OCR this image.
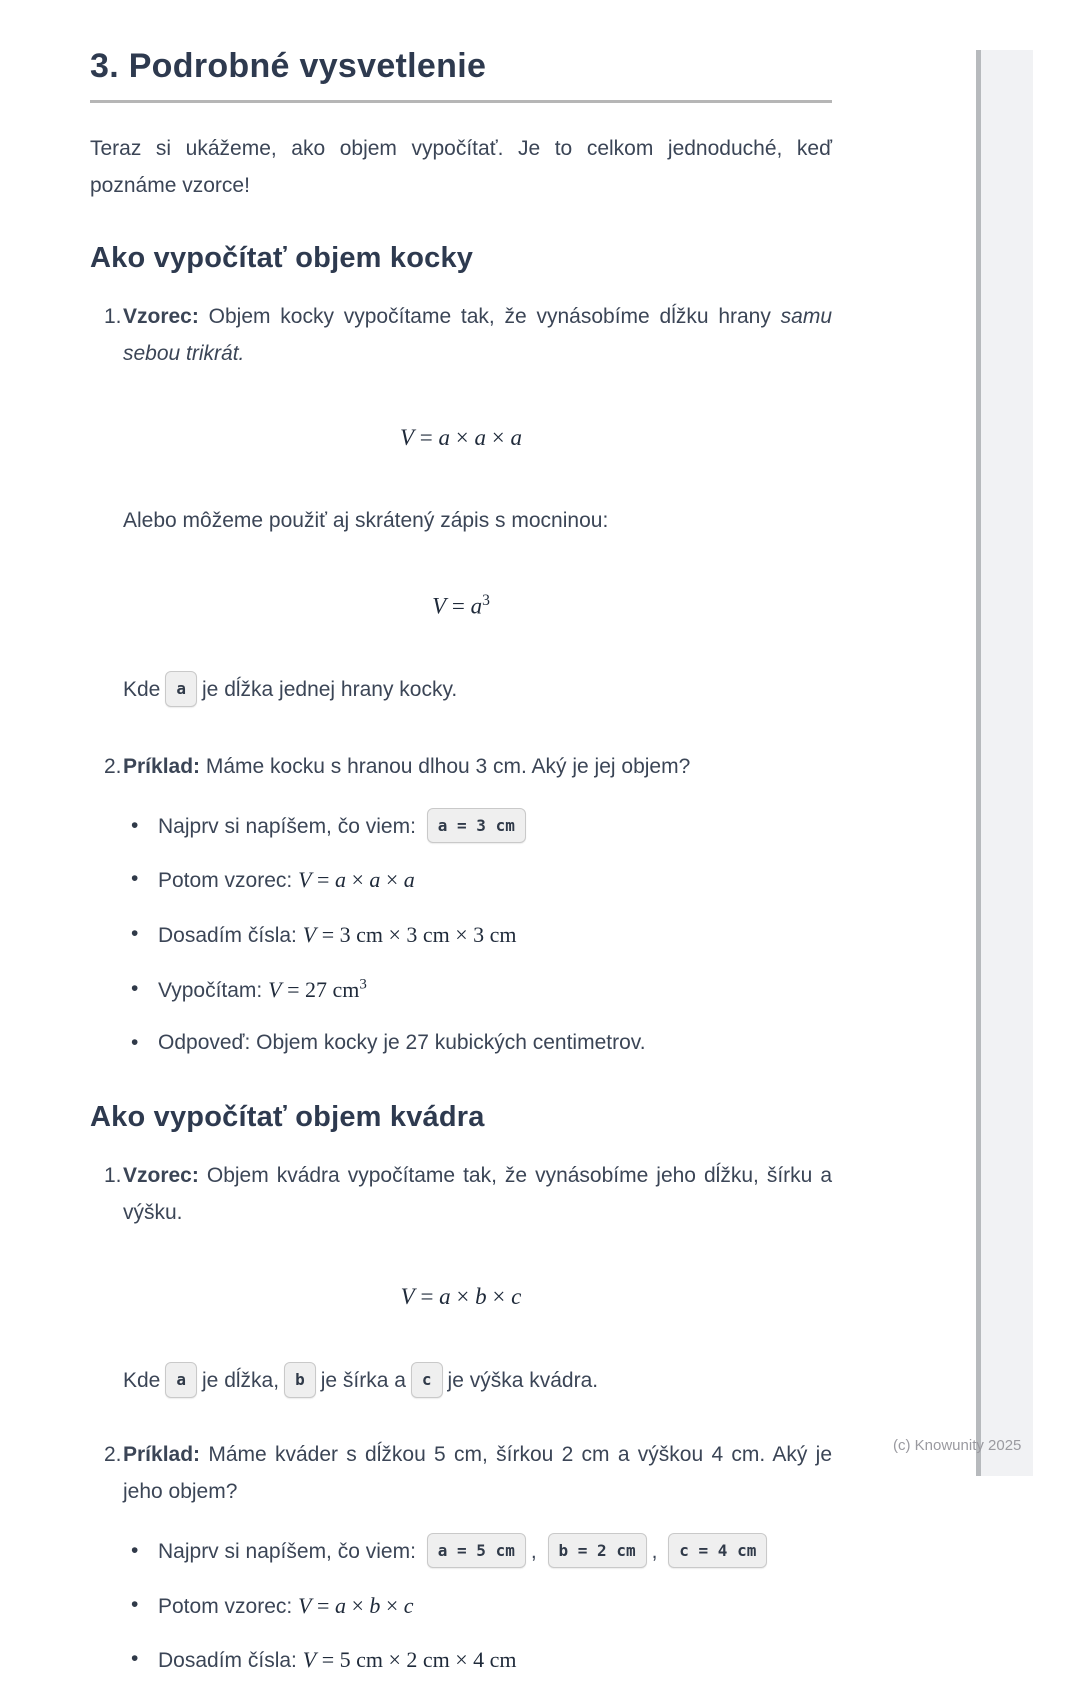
3. Podrobné vysvetlenie

Teraz si ukážeme, ako objem vypočítať. Je to celkom jednoduché, keď poznáme vzorce!

Ako vypočítať objem kocky
1. Vzorec: Objem kocky vypočítame tak, že vynásobíme dĺžku hrany samu sebou trikrát.
V = a × a × a
Alebo môžeme použiť aj skrátený zápis s mocninou:
$V = a^3$
Kde a je dĺžka jednej hrany kocky.
2. Príklad: Máme kocku s hranou dlhou 3 cm. Aký je jej objem?
• Najprv si napíšem, čo viem: a = 3 cm
• Potom vzorec: V = a × a × a
• Dosadím čísla: V = 3 cm × 3 cm × 3 cm
• Vypočítam: V = 27 $cm^3$
• Odpoveď: Objem kocky je 27 kubických centimetrov.
Ako vypočítať objem kvádra
1. Vzorec: Objem kvádra vypočítame tak, že vynásobíme jeho dĺžku, šírku a výšku.
V = a × b × c
Kde a je dĺžka, b je šírka a c je výška kvádra.
2. Príklad: Máme kváder s dĺžkou 5 cm, šírkou 2 cm a výškou 4 cm. Aký je jeho objem?
• Najprv si napíšem, čo viem: a = 5 cm , b = 2 cm , c = 4 cm
• Potom vzorec: V = a × b × c
• Dosadím čísla: V = 5 cm × 2 cm × 4 cm
(c) Knowunity 2025
